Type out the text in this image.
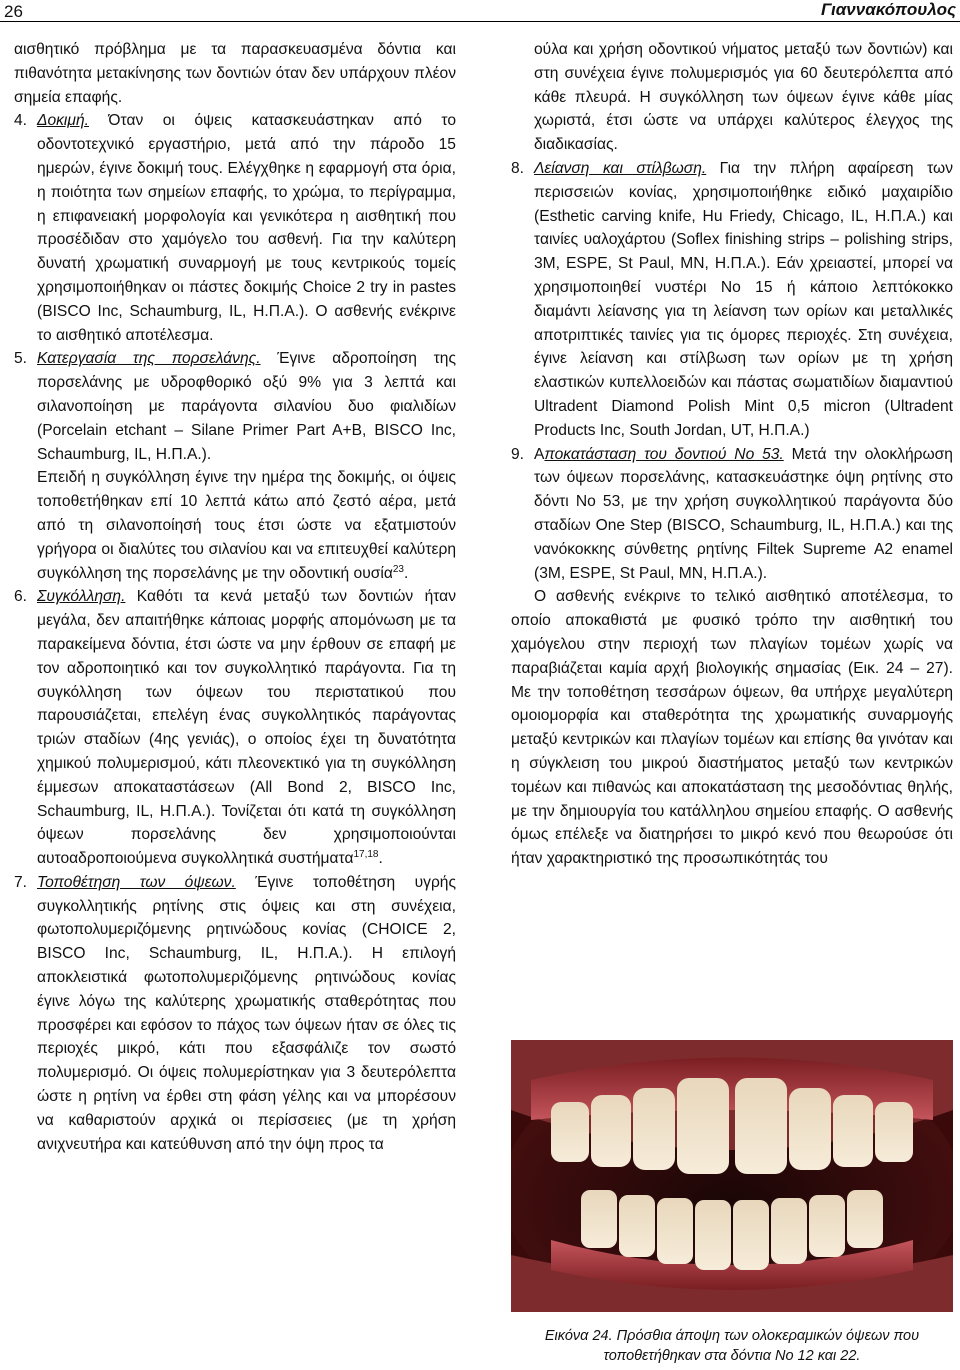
26	Γιαννακόπουλος

αισθητικό πρόβλημα με τα παρασκευασμένα δόντια και πιθανότητα μετακίνησης των δοντιών όταν δεν υπάρχουν πλέον σημεία επαφής.

4. Δοκιμή. Όταν οι όψεις κατασκευάστηκαν από το οδοντοτεχνικό εργαστήριο, μετά από την πάροδο 15 ημερών, έγινε δοκιμή τους. Ελέγχθηκε η εφαρμογή στα όρια, η ποιότητα των σημείων επαφής, το χρώμα, το περίγραμμα, η επιφανειακή μορφολογία και γενικότερα η αισθητική που προσέδιδαν στο χαμόγελο του ασθενή. Για την καλύτερη δυνατή χρωματική συναρμογή με τους κεντρικούς τομείς χρησιμοποιήθηκαν οι πάστες δοκιμής Choice 2 try in pastes (BISCO Inc, Schaumburg, IL, Η.Π.Α.). Ο ασθενής ενέκρινε το αισθητικό αποτέλεσμα.

5. Κατεργασία της πορσελάνης. Έγινε αδροποίηση της πορσελάνης με υδροφθορικό οξύ 9% για 3 λεπτά και σιλανοποίηση με παράγοντα σιλανίου δυο φιαλιδίων (Porcelain etchant – Silane Primer Part A+B, BISCO Inc, Schaumburg, IL, Η.Π.Α.).

Επειδή η συγκόλληση έγινε την ημέρα της δοκιμής, οι όψεις τοποθετήθηκαν επί 10 λεπτά κάτω από ζεστό αέρα, μετά από τη σιλανοποίησή τους έτσι ώστε να εξατμιστούν γρήγορα οι διαλύτες του σιλανίου και να επιτευχθεί καλύτερη συγκόλληση της πορσελάνης με την οδοντική ουσία$^{23}$.

6. Συγκόλληση. Καθότι τα κενά μεταξύ των δοντιών ήταν μεγάλα, δεν απαιτήθηκε κάποιας μορφής απομόνωση με τα παρακείμενα δόντια, έτσι ώστε να μην έρθουν σε επαφή με τον αδροποιητικό και τον συγκολλητικό παράγοντα. Για τη συγκόλληση των όψεων του περιστατικού που παρουσιάζεται, επελέγη ένας συγκολλητικός παράγοντας τριών σταδίων (4ης γενιάς), ο οποίος έχει τη δυνατότητα χημικού πολυμερισμού, κάτι πλεονεκτικό για τη συγκόλληση έμμεσων αποκαταστάσεων (All Bond 2, BISCO Inc, Schaumburg, IL, Η.Π.Α.). Τονίζεται ότι κατά τη συγκόλληση όψεων πορσελάνης δεν χρησιμοποιούνται αυτοαδροποιούμενα συγκολλητικά συστήματα$^{17,18}$.

7. Τοποθέτηση των όψεων. Έγινε τοποθέτηση υγρής συγκολλητικής ρητίνης στις όψεις και στη συνέχεια, φωτοπολυμεριζόμενης ρητινώδους κονίας (CHOICE 2, BISCO Inc, Schaumburg, IL, Η.Π.Α.). Η επιλογή αποκλειστικά φωτοπολυμεριζόμενης ρητινώδους κονίας έγινε λόγω της καλύτερης χρωματικής σταθερότητας που προσφέρει και εφόσον το πάχος των όψεων ήταν σε όλες τις περιοχές μικρό, κάτι που εξασφάλιζε τον σωστό πολυμερισμό. Οι όψεις πολυμερίστηκαν για 3 δευτερόλεπτα ώστε η ρητίνη να έρθει στη φάση γέλης και να μπορέσουν να καθαριστούν αρχικά οι περίσσειες (με τη χρήση ανιχνευτήρα και κατεύθυνση από την όψη προς τα

ούλα και χρήση οδοντικού νήματος μεταξύ των δοντιών) και στη συνέχεια έγινε πολυμερισμός για 60 δευτερόλεπτα από κάθε πλευρά. Η συγκόλληση των όψεων έγινε κάθε μίας χωριστά, έτσι ώστε να υπάρχει καλύτερος έλεγχος της διαδικασίας.

8. Λείανση και στίλβωση. Για την πλήρη αφαίρεση των περισσειών κονίας, χρησιμοποιήθηκε ειδικό μαχαιρίδιο (Esthetic carving knife, Hu Friedy, Chicago, IL, Η.Π.Α.) και ταινίες υαλοχάρτου (Soflex finishing strips – polishing strips, 3M, ESPE, St Paul, MN, Η.Π.Α.). Εάν χρειαστεί, μπορεί να χρησιμοποιηθεί νυστέρι Νο 15 ή κάποιο λεπτόκοκκο διαμάντι λείανσης για τη λείανση των ορίων και μεταλλικές αποτριπτικές ταινίες για τις όμορες περιοχές. Στη συνέχεια, έγινε λείανση και στίλβωση των ορίων με τη χρήση ελαστικών κυπελλοειδών και πάστας σωματιδίων διαμαντιού Ultradent Diamond Polish Mint 0,5 micron (Ultradent Products Inc, South Jordan, UT, Η.Π.Α.)

9. Αποκατάσταση του δοντιού Νο 53. Μετά την ολοκλήρωση των όψεων πορσελάνης, κατασκευάστηκε όψη ρητίνης στο δόντι Νο 53, με την χρήση συγκολλητικού παράγοντα δύο σταδίων One Step (BISCO, Schaumburg, IL, Η.Π.Α.) και της νανόκοκκης σύνθετης ρητίνης Filtek Supreme A2 enamel (3M, ESPE, St Paul, MN, Η.Π.Α.).

Ο ασθενής ενέκρινε το τελικό αισθητικό αποτέλεσμα, το οποίο αποκαθιστά με φυσικό τρόπο την αισθητική του χαμόγελου στην περιοχή των πλαγίων τομέων χωρίς να παραβιάζεται καμία αρχή βιολογικής σημασίας (Εικ. 24 – 27). Με την τοποθέτηση τεσσάρων όψεων, θα υπήρχε μεγαλύτερη ομοιομορφία και σταθερότητα της χρωματικής συναρμογής μεταξύ κεντρικών και πλαγίων τομέων και επίσης θα γινόταν και η σύγκλειση του μικρού διαστήματος μεταξύ των κεντρικών τομέων και πιθανώς και αποκατάσταση της μεσοδόντιας θηλής, με την δημιουργία του κατάλληλου σημείου επαφής. Ο ασθενής όμως επέλεξε να διατηρήσει το μικρό κενό που θεωρούσε ότι ήταν χαρακτηριστικό της προσωπικότητάς του

Εικόνα 24. Πρόσθια άποψη των ολοκεραμικών όψεων που τοποθετήθηκαν στα δόντια Νο 12 και 22.
